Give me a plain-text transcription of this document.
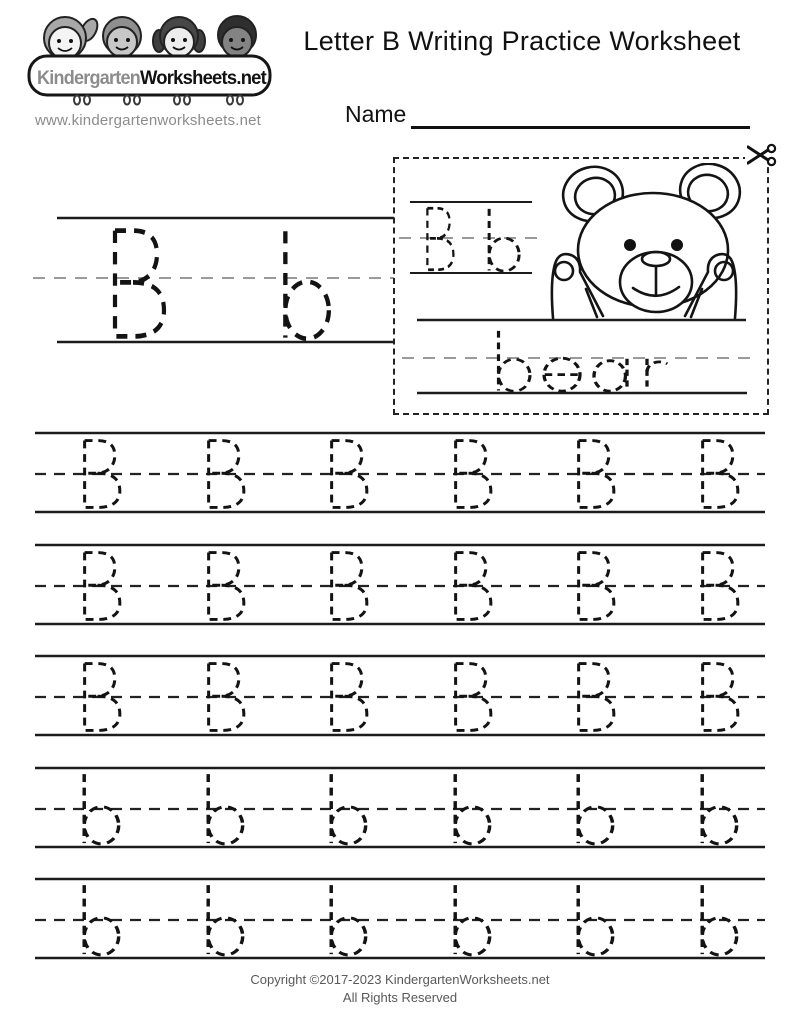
KindergartenWorksheets.net
www.kindergartenworksheets.net
Letter B Writing Practice Worksheet
Name
Copyright ©2017-2023 KindergartenWorksheets.net
All Rights Reserved
